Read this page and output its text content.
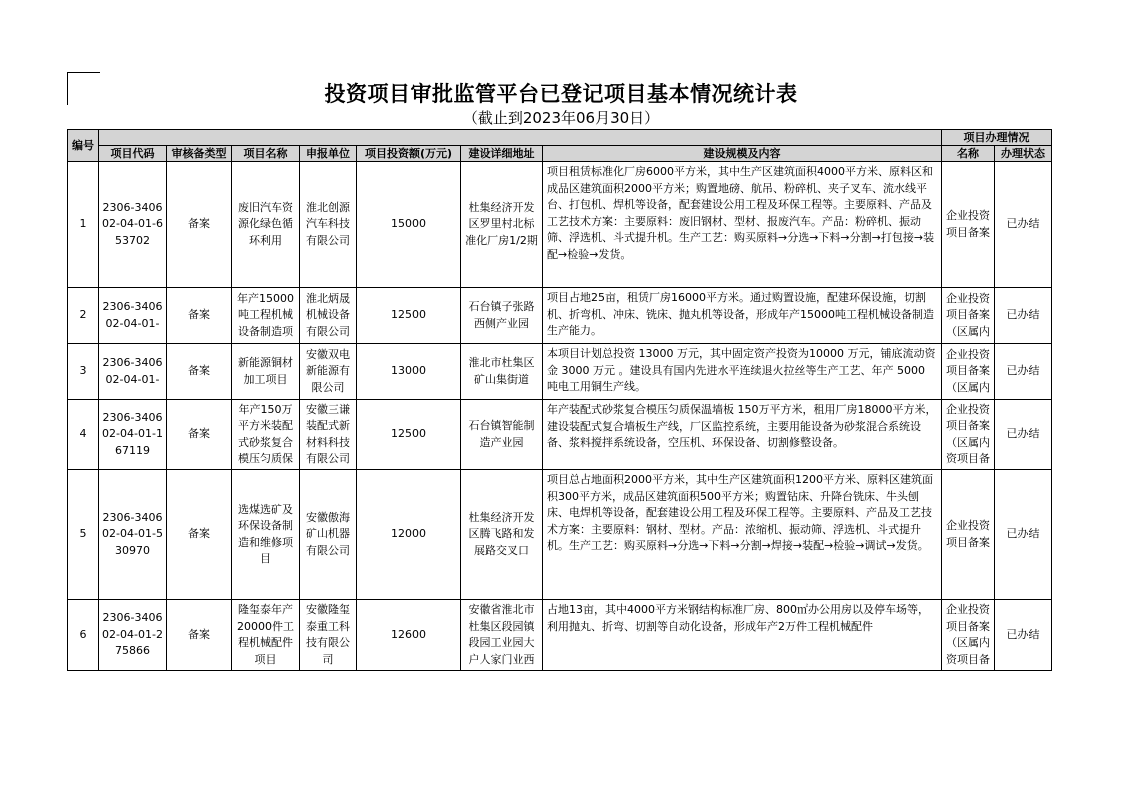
投资项目审批监管平台已登记项目基本情况统计表
（截止到2023年06月30日）
编号								项目办理情况	
	项目代码	审核备类型	项目名称	申报单位	项目投资额(万元)	建设详细地址	建设规模及内容	名称	办理状态

1	2306-340602-04-01-653702	备案	废旧汽车资源化绿色循环利用	淮北创源汽车科技有限公司	15000	杜集经济开发区罗里村北标准化厂房1/2期	项目租赁标准化厂房6000平方米，其中生产区建筑面积4000平方米、原料区和成品区建筑面积2000平方米；购置地磅、航吊、粉碎机、夹子叉车、流水线平台、打包机、焊机等设备，配套建设公用工程及环保工程等。主要原料、产品及工艺技术方案：主要原料：废旧钢材、型材、报废汽车。产品：粉碎机、振动筛、浮选机、斗式提升机。生产工艺：购买原料→分选→下料→分割→打包接→装配→检验→发货。	企业投资项目备案	已办结

2	2306-340602-04-01-	备案	年产15000吨工程机械设备制造项	淮北炳晟机械设备有限公司	12500	石台镇子张路西侧产业园	项目占地25亩，租赁厂房16000平方米。通过购置设施，配建环保设施，切割机、折弯机、冲床、铣床、抛丸机等设备，形成年产15000吨工程机械设备制造生产能力。	企业投资项目备案（区属内	已办结

3	2306-340602-04-01-	备案	新能源铜材加工项目	安徽双电新能源有限公司	13000	淮北市杜集区矿山集街道	本项目计划总投资 13000 万元，其中固定资产投资为10000 万元，铺底流动资金 3000 万元 。建设具有国内先进水平连续退火拉丝等生产工艺、年产 5000 吨电工用铜生产线。	企业投资项目备案（区属内	已办结

4	2306-340602-04-01-167119	备案	年产150万平方米装配式砂浆复合模压匀质保	安徽三谦装配式新材料科技有限公司	12500	石台镇智能制造产业园	年产装配式砂浆复合模压匀质保温墙板 150万平方米，租用厂房18000平方米，建设装配式复合墙板生产线，厂区监控系统，主要用能设备为砂浆混合系统设备、浆料搅拌系统设备，空压机、环保设备、切割修整设备。	企业投资项目备案（区属内资项目备	已办结

5	2306-340602-04-01-530970	备案	选煤选矿及环保设备制造和维修项目	安徽傲海矿山机器有限公司	12000	杜集经济开发区腾飞路和发展路交叉口	项目总占地面积2000平方米，其中生产区建筑面积1200平方米、原料区建筑面积300平方米，成品区建筑面积500平方米；购置钻床、升降台铣床、牛头刨床、电焊机等设备，配套建设公用工程及环保工程等。主要原料、产品及工艺技术方案：主要原料：钢材、型材。产品：浓缩机、振动筛、浮选机、斗式提升机。生产工艺：购买原料→分选→下料→分割→焊接→装配→检验→调试→发货。	企业投资项目备案	已办结

6	2306-340602-04-01-275866	备案	隆玺泰年产20000件工程机械配件项目	安徽隆玺泰重工科技有限公司	12600	安徽省淮北市杜集区段园镇段园工业园大户人家门业西	占地13亩，其中4000平方米钢结构标准厂房、800㎡办公用房以及停车场等，利用抛丸、折弯、切割等自动化设备，形成年产2万件工程机械配件	企业投资项目备案（区属内资项目备	已办结
